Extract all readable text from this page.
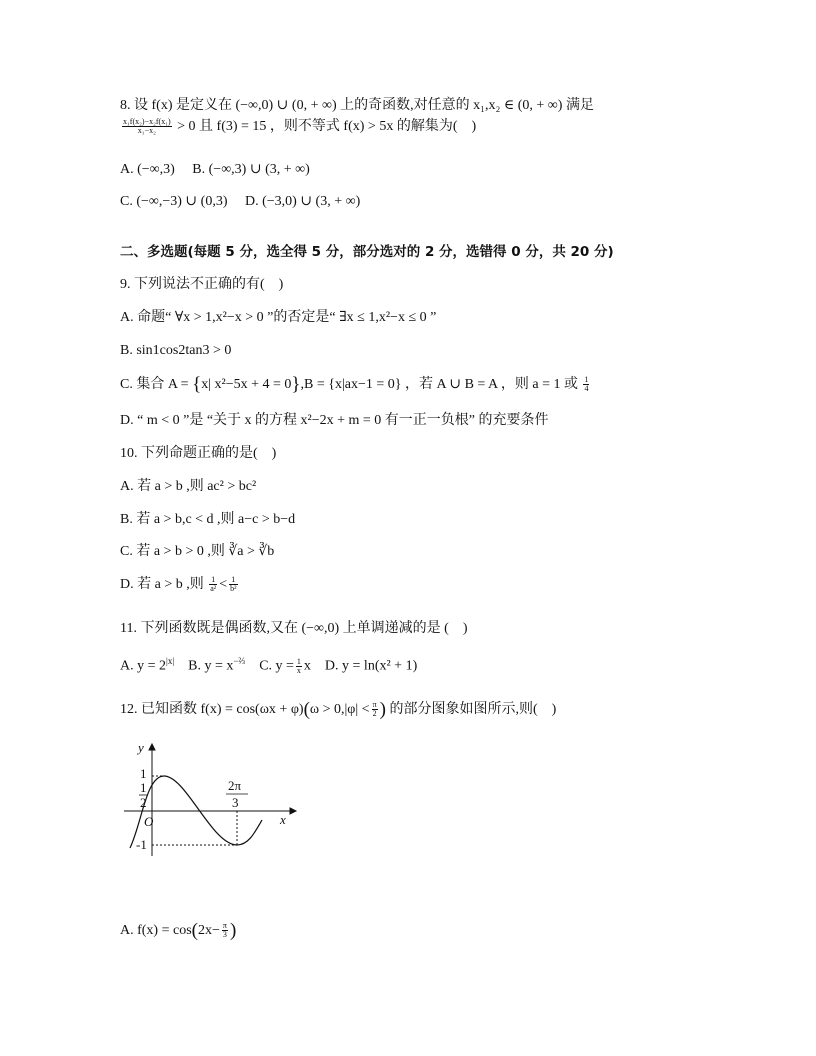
8. 设 f(x) 是定义在 (−∞,0) ∪ (0, + ∞) 上的奇函数,对任意的 x₁,x₂ ∈ (0, + ∞) 满足
$\frac{\text{x₁f(x₂)−x₂f(x₁)}}{\text{x₁−x₂}} > 0$ 且 f(3) = 15 ，则不等式 f(x) > 5x 的解集为(　)
A. (−∞,3)　 B. (−∞,3) ∪ (3, + ∞)
C. (−∞,−3) ∪ (0,3)　 D. (−3,0) ∪ (3, + ∞)
二、多选题(每题 5 分，选全得 5 分，部分选对的 2 分，选错得 0 分，共 20 分)
9. 下列说法不正确的有(　)
A. 命题“ ∀x > 1,x²−x > 0 ”的否定是“ ∃x ≤ 1,x²−x ≤ 0 ”
B. sin1cos2tan3 > 0
C. 集合 A = {x| x²−5x + 4 = 0},B = {x|ax−1 = 0} ，若 A ∪ B = A ，则 a = 1 或 $\frac{1}{4}$
D. “ m < 0 ”是 “关于 x 的方程 x²−2x + m = 0 有一正一负根” 的充要条件
10. 下列命题正确的是(　)
A. 若 a > b ,则 ac² > bc²
B. 若 a > b,c < d ,则 a−c > b−d
C. 若 a > b > 0 ,则 ∛a > ∛b
D. 若 a > b ,则 $\frac{1}{\text{a²}} < \frac{1}{\text{b²}}$
11. 下列函数既是偶函数,又在 (−∞,0) 上单调递减的是 (　)
A. $y = 2^{|x|}$ B. $y = x^{-\frac{2}{3}}$ C. $y = \frac{1}{x}$ x D. y = ln(x² + 1)
12. 已知函数 $f(x) = \cos(\omega x + \varphi)(\omega > 0,|\varphi| < \frac{\pi}{2}$ ) 的部分图象如图所示,则(　)
y
x
O
1
1
2
2π
3
-1
A. $f(x) = \cos(2x- \frac{\pi}{3}$ )
